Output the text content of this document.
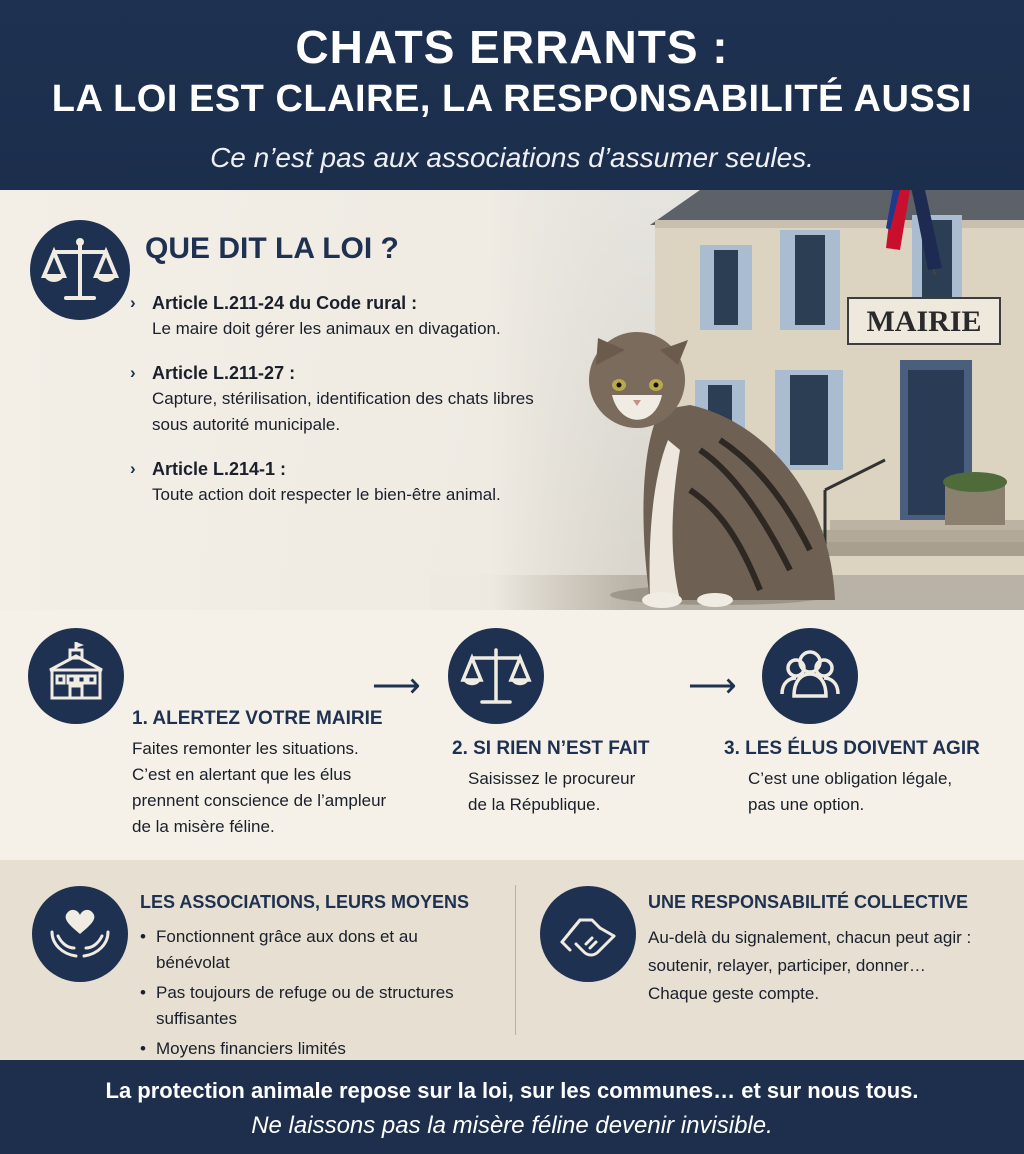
CHATS ERRANTS :
LA LOI EST CLAIRE, LA RESPONSABILITÉ AUSSI
Ce n’est pas aux associations d’assumer seules.
QUE DIT LA LOI ?
› Article L.211-24 du Code rural :
Le maire doit gérer les animaux en divagation.
› Article L.211-27 :
Capture, stérilisation, identification des chats libres
sous autorité municipale.
› Article L.214-1 :
Toute action doit respecter le bien-être animal.
⟶	⟶
1. ALERTEZ VOTRE MAIRIE
Faites remonter les situations.
C’est en alertant que les élus
prennent conscience de l’ampleur
de la misère féline.
2. SI RIEN N’EST FAIT
Saisissez le procureur
de la République.
3. LES ÉLUS DOIVENT AGIR
C’est une obligation légale,
pas une option.
LES ASSOCIATIONS, LEURS MOYENS
• Fonctionnent grâce aux dons et au bénévolat
• Pas toujours de refuge ou de structures suffisantes
• Moyens financiers limités
UNE RESPONSABILITÉ COLLECTIVE
Au-delà du signalement, chacun peut agir :
soutenir, relayer, participer, donner…
Chaque geste compte.
La protection animale repose sur la loi, sur les communes… et sur nous tous.
Ne laissons pas la misère féline devenir invisible.
